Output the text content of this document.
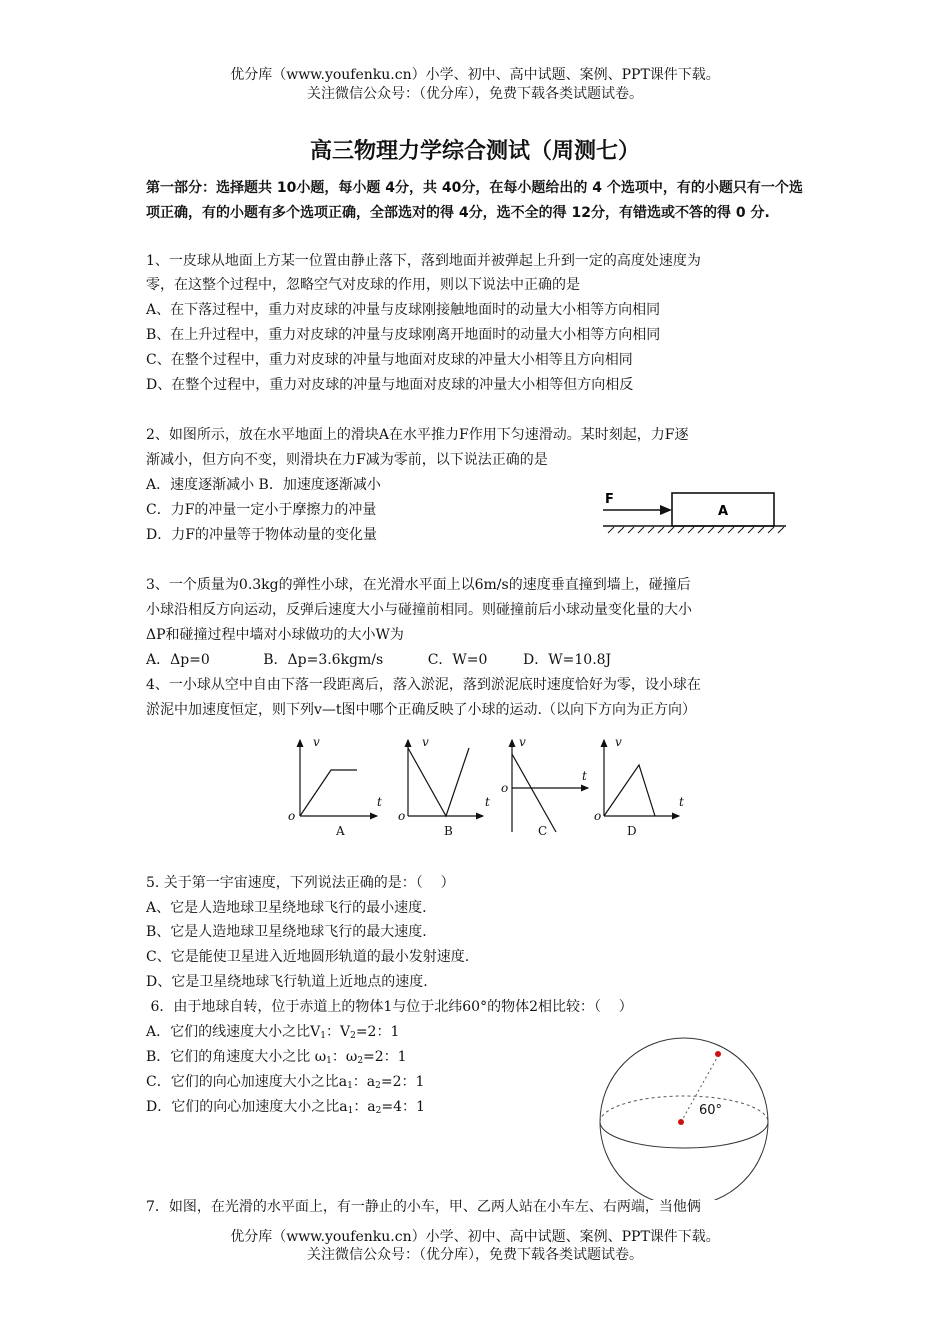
优分库（www.youfenku.cn）小学、初中、高中试题、案例、PPT课件下载。
关注微信公众号：（优分库），免费下载各类试题试卷。
高三物理力学综合测试（周测七）
第一部分：选择题共 10小题，每小题 4分，共 40分，在每小题给出的 4 个选项中，有的小题只有一个选项正确，有的小题有多个选项正确，全部选对的得 4分，选不全的得 12分，有错选或不答的得 0 分.
1、一皮球从地面上方某一位置由静止落下，落到地面并被弹起上升到一定的高度处速度为
零，在这整个过程中，忽略空气对皮球的作用，则以下说法中正确的是
A、在下落过程中，重力对皮球的冲量与皮球刚接触地面时的动量大小相等方向相同
B、在上升过程中，重力对皮球的冲量与皮球刚离开地面时的动量大小相等方向相同
C、在整个过程中，重力对皮球的冲量与地面对皮球的冲量大小相等且方向相同
D、在整个过程中，重力对皮球的冲量与地面对皮球的冲量大小相等但方向相反
2、如图所示，放在水平地面上的滑块A在水平推力F作用下匀速滑动。某时刻起，力F逐
渐减小，但方向不变，则滑块在力F减为零前，以下说法正确的是
A．速度逐渐减小 B．加速度逐渐减小
C．力F的冲量一定小于摩擦力的冲量
D．力F的冲量等于物体动量的变化量
F
A
3、一个质量为0.3kg的弹性小球，在光滑水平面上以6m/s的速度垂直撞到墙上，碰撞后
小球沿相反方向运动，反弹后速度大小与碰撞前相同。则碰撞前后小球动量变化量的大小
ΔP和碰撞过程中墙对小球做功的大小W为
A．Δp=0            B．Δp=3.6kgm/s          C．W=0        D．W=10.8J
4、一小球从空中自由下落一段距离后，落入淤泥，落到淤泥底时速度恰好为零，设小球在
淤泥中加速度恒定，则下列v—t图中哪个正确反映了小球的运动.（以向下方向为正方向）
v
t
o
A
v
t
o
B
v
t
o
C
v
t
o
D
5. 关于第一宇宙速度，下列说法正确的是：（    ）
A、它是人造地球卫星绕地球飞行的最小速度.
B、它是人造地球卫星绕地球飞行的最大速度.
C、它是能使卫星进入近地圆形轨道的最小发射速度.
D、它是卫星绕地球飞行轨道上近地点的速度.
6．由于地球自转，位于赤道上的物体1与位于北纬60°的物体2相比较：（    ）
A．它们的线速度大小之比$V_1$：$V_2=2$：1
B．它们的角速度大小之比 $\omega_1$：$\omega_2=2$：1
C．它们的向心加速度大小之比$a_1$：$a_2=2$：1
D．它们的向心加速度大小之比$a_1$：$a_2=4$：1	60°
7．如图，在光滑的水平面上，有一静止的小车，甲、乙两人站在小车左、右两端，当他俩
优分库（www.youfenku.cn）小学、初中、高中试题、案例、PPT课件下载。
关注微信公众号：（优分库），免费下载各类试题试卷。
